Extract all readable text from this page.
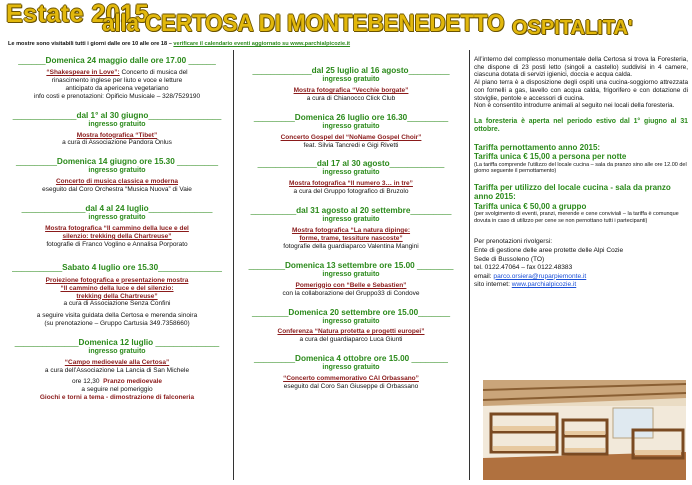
Estate 2015
alla CERTOSA DI MONTEBENEDETTO OSPITALITA'
Le mostre sono visitabili tutti i giorni dalle ore 10 alle ore 18 – verificare il calendario eventi aggiornato su www.parchialpicozie.it
______Domenica 24 maggio dalle ore 17.00 ______
“Shakespeare in Love”: Concerto di musica del
rinascimento inglese per liuto e voce e letture
anticipato da apericena vegetariano
info costi e prenotazioni: Opificio Musicale – 328/7529190
______________dal 1° al 30 giugno________________
ingresso gratuito
Mostra fotografica “Tibet”
a cura di Associazione Pandora Onlus
_________Domenica 14 giugno ore 15.30 _________
ingresso gratuito
Concerto di musica classica e moderna
eseguito dal Coro Orchestra “Musica Nuova” di Vaie
______________dal 4 al 24 luglio______________
ingresso gratuito
Mostra fotografica “Il cammino della luce e del
silenzio: trekking della Chartreuse”
fotografie di Franco Voglino e Annalisa Porporato
___________Sabato 4 luglio ore 15.30______________
Proiezione fotografica e presentazione mostra
“Il cammino della luce e del silenzio:
trekking della Chartreuse”
a cura di Associazione Senza Confini
a seguire visita guidata della Certosa e merenda sinoira
(su prenotazione – Gruppo Cartusia 349.7358660)
______________Domenica 12 luglio ______________
ingresso gratuito
“Campo medioevale alla Certosa”
a cura dell’Associazione La Lancia di San Michele
ore 12,30 Pranzo medioevale
a seguire nel pomeriggio
Giochi e torni a tema - dimostrazione di falconeria
_____________dal 25 luglio al 16 agosto_________
ingresso gratuito
Mostra fotografica “Vecchie borgate”
a cura di Chianocco Click Club
_________Domenica 26 luglio ore 16.30_________
ingresso gratuito
Concerto Gospel del “NoName Gospel Choir”
feat. Silvia Tancredi e Gigi Rivetti
_____________dal 17 al 30 agosto____________
ingresso gratuito
Mostra fotografica “Il numero 3… in tre”
a cura del Gruppo fotografico di Bruzolo
__________dal 31 agosto al 20 settembre_________
ingresso gratuito
Mostra fotografica “La natura dipinge:
forme, trame, tessiture nascoste”
fotografie della guardiaparco Valentina Mangini
________Domenica 13 settembre ore 15.00 ________
ingresso gratuito
Pomeriggio con “Belle e Sebastien”
con la collaborazione del Gruppo33 di Condove
________Domenica 20 settembre ore 15.00_______
ingresso gratuito
Conferenza “Natura protetta e progetti europei”
a cura del guardiaparco Luca Giunti
_________Domenica 4 ottobre ore 15.00 ________
ingresso gratuito
“Concerto commemorativo CAI Orbassano”
eseguito dal Coro San Giuseppe di Orbassano
All’interno del complesso monumentale della Certosa si trova la Foresteria, che dispone di 23 posti letto (singoli a castello) suddivisi in 4 camere, ciascuna dotata di servizi igienici, doccia e acqua calda.
Al piano terra è a disposizione degli ospiti una cucina-soggiorno attrezzata con fornelli a gas, lavello con acqua calda, frigorifero e con dotazione di stoviglie, pentole e accessori di cucina.
Non è consentito introdurre animali al seguito nei locali della foresteria.
La foresteria è aperta nel periodo estivo dal 1° giugno al 31 ottobre.
Tariffa pernottamento anno 2015:
Tariffa unica € 15,00 a persona per notte
(La tariffa comprende l’utilizzo del locale cucina – sala da pranzo sino alle ore 12.00 del giorno seguente il pernottamento)
Tariffa per utilizzo del locale cucina - sala da pranzo anno 2015:
Tariffa unica € 50,00 a gruppo
(per svolgimento di eventi, pranzi, merende e cene conviviali – la tariffa è comunque dovuta in caso di utilizzo per cene se non pernottano tutti i partecipanti)
Per prenotazioni rivolgersi:
Ente di gestione delle aree protette delle Alpi Cozie
Sede di Bussoleno (TO)
tel. 0122.47064 – fax 0122.48383
email: parco.orsiera@ruparpiemonte.it
sito internet: www.parchialpicozie.it
